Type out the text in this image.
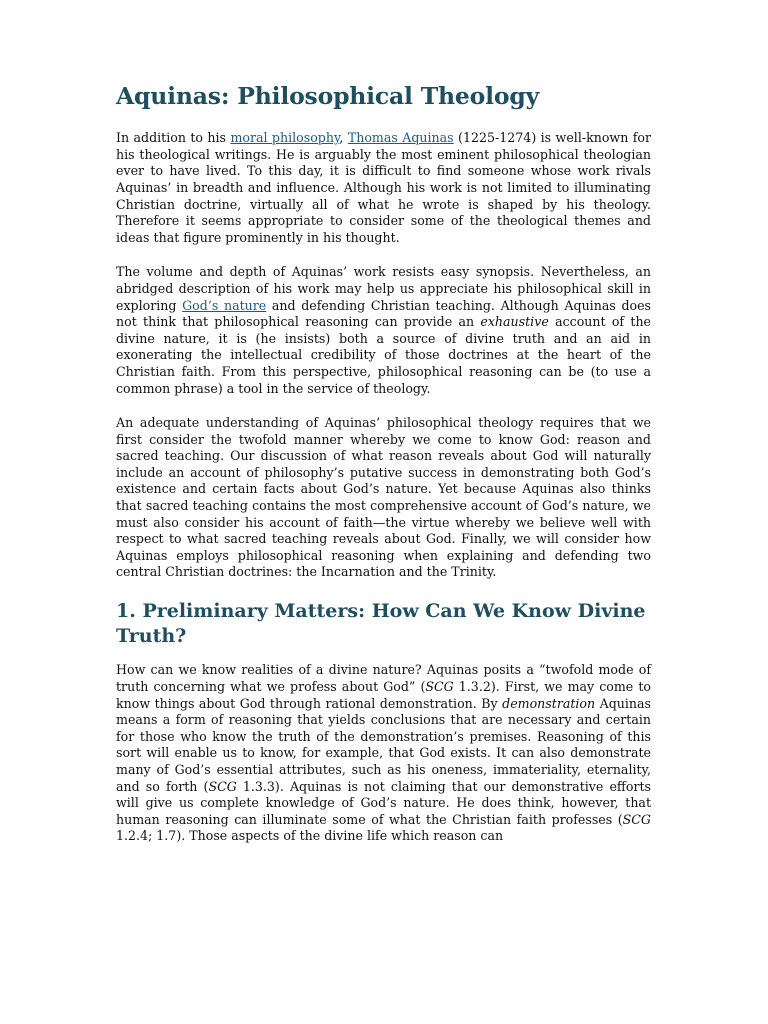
Aquinas: Philosophical Theology

In addition to his moral philosophy, Thomas Aquinas (1225-1274) is well-known for his theological writings. He is arguably the most eminent philosophical theologian ever to have lived. To this day, it is difficult to find someone whose work rivals Aquinas’ in breadth and influence. Although his work is not limited to illuminating Christian doctrine, virtually all of what he wrote is shaped by his theology. Therefore it seems appropriate to consider some of the theological themes and ideas that figure prominently in his thought.

The volume and depth of Aquinas’ work resists easy synopsis. Nevertheless, an abridged description of his work may help us appreciate his philosophical skill in exploring God’s nature and defending Christian teaching. Although Aquinas does not think that philosophical reasoning can provide an exhaustive account of the divine nature, it is (he insists) both a source of divine truth and an aid in exonerating the intellectual credibility of those doctrines at the heart of the Christian faith. From this perspective, philosophical reasoning can be (to use a common phrase) a tool in the service of theology.

An adequate understanding of Aquinas’ philosophical theology requires that we first consider the twofold manner whereby we come to know God: reason and sacred teaching. Our discussion of what reason reveals about God will naturally include an account of philosophy’s putative success in demonstrating both God’s existence and certain facts about God’s nature. Yet because Aquinas also thinks that sacred teaching contains the most comprehensive account of God’s nature, we must also consider his account of faith—the virtue whereby we believe well with respect to what sacred teaching reveals about God. Finally, we will consider how Aquinas employs philosophical reasoning when explaining and defending two central Christian doctrines: the Incarnation and the Trinity.

1. Preliminary Matters: How Can We Know Divine Truth?

How can we know realities of a divine nature? Aquinas posits a “twofold mode of truth concerning what we profess about God” (SCG 1.3.2). First, we may come to know things about God through rational demonstration. By demonstration Aquinas means a form of reasoning that yields conclusions that are necessary and certain for those who know the truth of the demonstration’s premises. Reasoning of this sort will enable us to know, for example, that God exists. It can also demonstrate many of God’s essential attributes, such as his oneness, immateriality, eternality, and so forth (SCG 1.3.3). Aquinas is not claiming that our demonstrative efforts will give us complete knowledge of God’s nature. He does think, however, that human reasoning can illuminate some of what the Christian faith professes (SCG 1.2.4; 1.7). Those aspects of the divine life which reason can
